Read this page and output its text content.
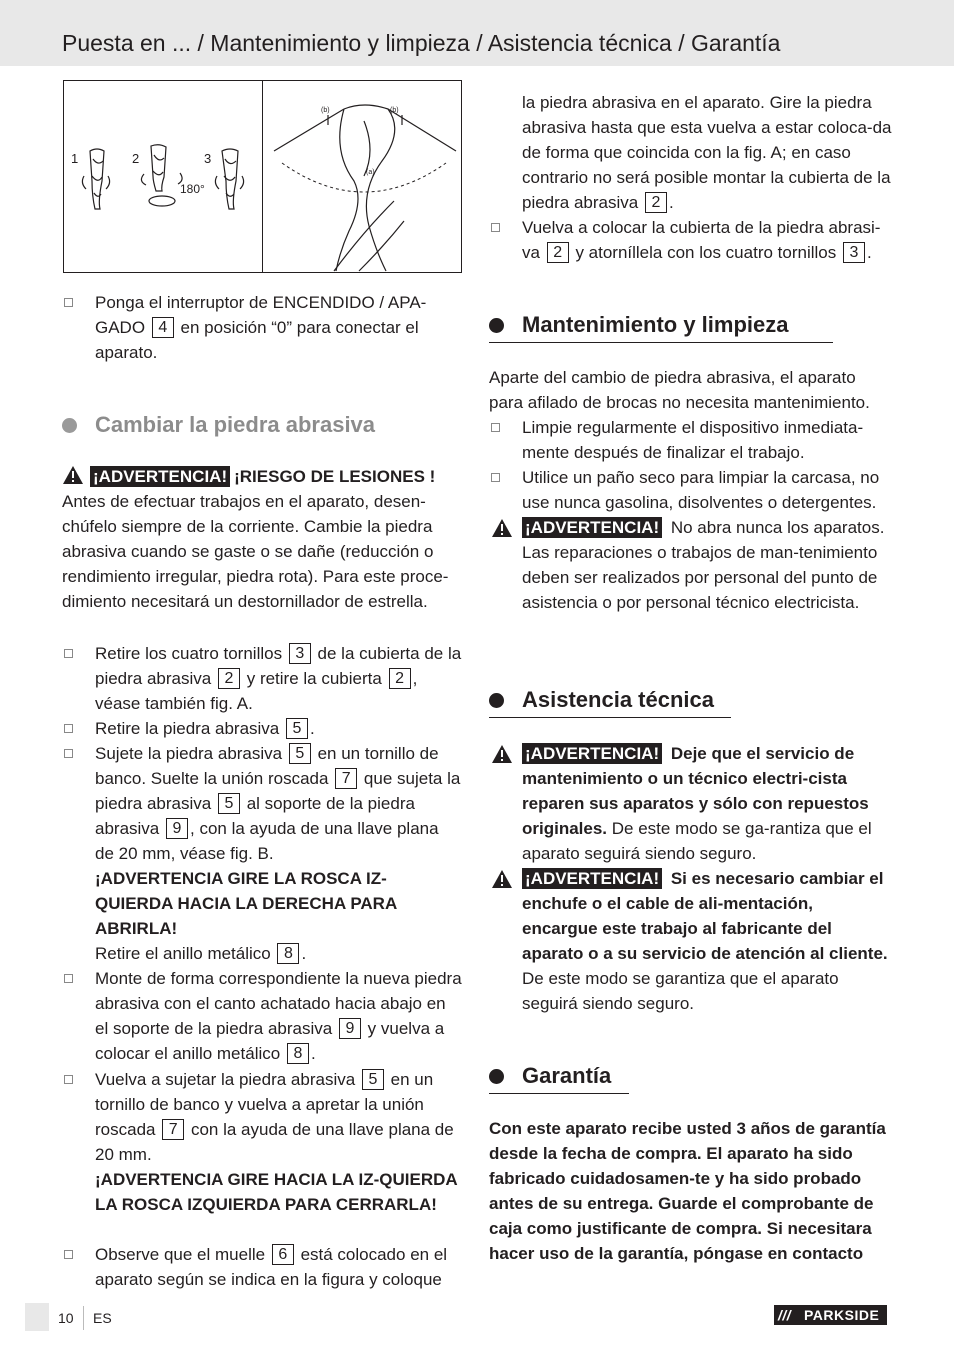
Puesta en ... / Mantenimiento y limpieza / Asistencia técnica / Garantía
1	2	3
180°
(b)	(b)
(a)
Ponga el interruptor de ENCENDIDO / APA-GADO 4 en posición “0” para conectar el aparato.
Cambiar la piedra abrasiva
¡ADVERTENCIA! ¡RIESGO DE LESIONES !
Antes de efectuar trabajos en el aparato, desen-chúfelo siempre de la corriente. Cambie la piedra abrasiva cuando se gaste o se dañe (reducción o rendimiento irregular, piedra rota). Para este proce-dimiento necesitará un destornillador de estrella.
Retire los cuatro tornillos 3 de la cubierta de la piedra abrasiva 2 y retire la cubierta 2 , véase también fig. A.
Retire la piedra abrasiva 5 .
Sujete la piedra abrasiva 5 en un tornillo de banco. Suelte la unión roscada 7 que sujeta la piedra abrasiva 5 al soporte de la piedra abrasiva 9 , con la ayuda de una llave plana de 20 mm, véase fig. B.
¡ADVERTENCIA GIRE LA ROSCA IZ-QUIERDA HACIA LA DERECHA PARA ABRIRLA!
Retire el anillo metálico 8 .
Monte de forma correspondiente la nueva piedra abrasiva con el canto achatado hacia abajo en el soporte de la piedra abrasiva 9 y vuelva a colocar el anillo metálico 8 .
Vuelva a sujetar la piedra abrasiva 5 en un tornillo de banco y vuelva a apretar la unión roscada 7 con la ayuda de una llave plana de 20 mm.
¡ADVERTENCIA GIRE HACIA LA IZ-QUIERDA LA ROSCA IZQUIERDA PARA CERRARLA!
Observe que el muelle 6 está colocado en el aparato según se indica en la figura y coloque
la piedra abrasiva en el aparato. Gire la piedra abrasiva hasta que esta vuelva a estar coloca-da de forma que coincida con la fig. A; en caso contrario no será posible montar la cubierta de la piedra abrasiva 2 .
Vuelva a colocar la cubierta de la piedra abrasi-va 2 y atorníllela con los cuatro tornillos 3 .
Mantenimiento y limpieza
Aparte del cambio de piedra abrasiva, el aparato para afilado de brocas no necesita mantenimiento.
Limpie regularmente el dispositivo inmediata-mente después de finalizar el trabajo.
Utilice un paño seco para limpiar la carcasa, no use nunca gasolina, disolventes o detergentes.
¡ADVERTENCIA! No abra nunca los aparatos. Las reparaciones o trabajos de man-tenimiento deben ser realizados por personal del punto de asistencia o por personal técnico electricista.
Asistencia técnica
¡ADVERTENCIA! Deje que el servicio de mantenimiento o un técnico electri-cista reparen sus aparatos y sólo con repuestos originales. De este modo se ga-rantiza que el aparato seguirá siendo seguro.
¡ADVERTENCIA! Si es necesario cambiar el enchufe o el cable de ali-mentación, encargue este trabajo al fabricante del aparato o a su servicio de atención al cliente. De este modo se garantiza que el aparato seguirá siendo seguro.
Garantía
Con este aparato recibe usted 3 años de garantía desde la fecha de compra. El aparato ha sido fabricado cuidadosamen-te y ha sido probado antes de su entrega. Guarde el comprobante de caja como justificante de compra. Si necesitara hacer uso de la garantía, póngase en contacto
10 ES	/// PARKSIDE
